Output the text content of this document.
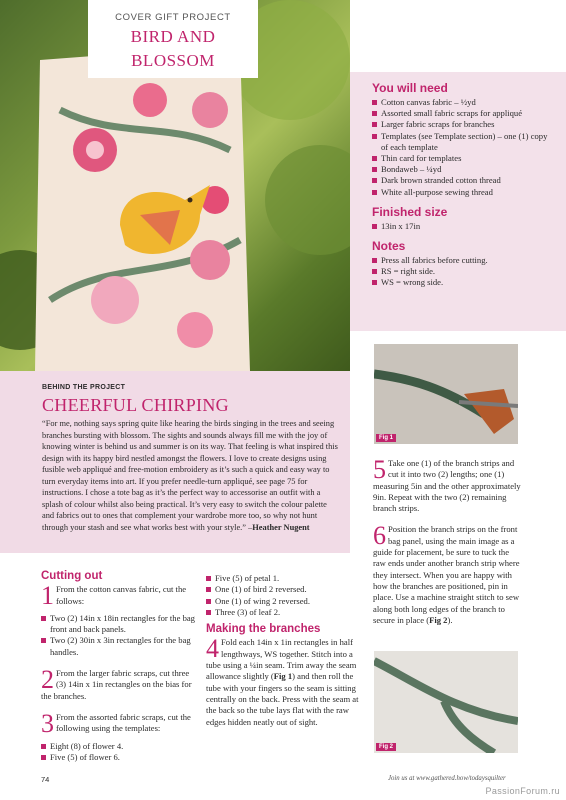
COVER GIFT PROJECT
BIRD AND
BLOSSOM
You will need
Cotton canvas fabric – ½yd
Assorted small fabric scraps for appliqué
Larger fabric scraps for branches
Templates (see Template section) – one (1) copy of each template
Thin card for templates
Bondaweb – ¼yd
Dark brown stranded cotton thread
White all-purpose sewing thread
Finished size
13in x 17in
Notes
Press all fabrics before cutting.
RS = right side.
WS = wrong side.
BEHIND THE PROJECT
CHEERFUL CHIRPING

“For me, nothing says spring quite like hearing the birds singing in the trees and seeing branches bursting with blossom. The sights and sounds always fill me with the joy of knowing winter is behind us and summer is on its way. That feeling is what inspired this design with its happy bird nestled amongst the flowers. I love to create designs using fusible web appliqué and free-motion embroidery as it’s such a quick and easy way to turn everyday items into art. If you prefer needle-turn appliqué, see page 75 for instructions. I chose a tote bag as it’s the perfect way to accessorise an outfit with a splash of colour whilst also being practical. It’s very easy to switch the colour palette and fabrics out to ones that complement your wardrobe more too, so why not hunt through your stash and see what works best with your style.” –Heather Nugent

Fig 1
Fig 2
Cutting out
1 From the cotton canvas fabric, cut the follows:
Two (2) 14in x 18in rectangles for the bag front and back panels.
Two (2) 30in x 3in rectangles for the bag handles.
2 From the larger fabric scraps, cut three (3) 14in x 1in rectangles on the bias for the branches.
3 From the assorted fabric scraps, cut the following using the templates:
Eight (8) of flower 4.
Five (5) of flower 6.
Five (5) of petal 1.
One (1) of bird 2 reversed.
One (1) of wing 2 reversed.
Three (3) of leaf 2.
Making the branches
4 Fold each 14in x 1in rectangles in half lengthways, WS together. Stitch into a tube using a ¼in seam. Trim away the seam allowance slightly (Fig 1) and then roll the tube with your fingers so the seam is sitting centrally on the back. Press with the seam at the back so the tube lays flat with the raw edges hidden neatly out of sight.
5 Take one (1) of the branch strips and cut it into two (2) lengths; one (1) measuring 5in and the other approximately 9in. Repeat with the two (2) remaining branch strips.
6 Position the branch strips on the front bag panel, using the main image as a guide for placement, be sure to tuck the raw ends under another branch strip where they intersect. When you are happy with how the branches are positioned, pin in place. Use a machine straight stitch to sew along both long edges of the branch to secure in place (Fig 2).
74	Join us at www.gathered.how/todaysquilter
PassionForum.ru
